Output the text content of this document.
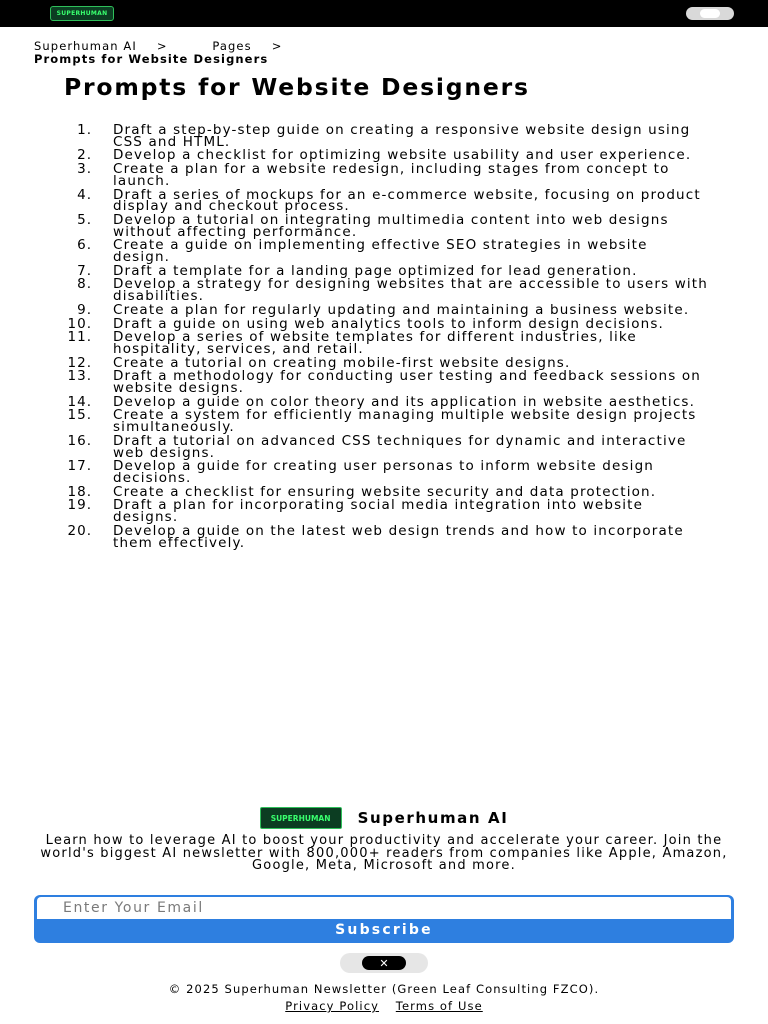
SUPERHUMAN
Superhuman AI >	Pages >
Prompts for Website Designers
Prompts for Website Designers
1. Draft a step-by-step guide on creating a responsive website design using CSS and HTML.
2. Develop a checklist for optimizing website usability and user experience.
3. Create a plan for a website redesign, including stages from concept to launch.
4. Draft a series of mockups for an e-commerce website, focusing on product display and checkout process.
5. Develop a tutorial on integrating multimedia content into web designs without affecting performance.
6. Create a guide on implementing effective SEO strategies in website design.
7. Draft a template for a landing page optimized for lead generation.
8. Develop a strategy for designing websites that are accessible to users with disabilities.
9. Create a plan for regularly updating and maintaining a business website.
10. Draft a guide on using web analytics tools to inform design decisions.
11. Develop a series of website templates for different industries, like hospitality, services, and retail.
12. Create a tutorial on creating mobile-first website designs.
13. Draft a methodology for conducting user testing and feedback sessions on website designs.
14. Develop a guide on color theory and its application in website aesthetics.
15. Create a system for efficiently managing multiple website design projects simultaneously.
16. Draft a tutorial on advanced CSS techniques for dynamic and interactive web designs.
17. Develop a guide for creating user personas to inform website design decisions.
18. Create a checklist for ensuring website security and data protection.
19. Draft a plan for incorporating social media integration into website designs.
20. Develop a guide on the latest web design trends and how to incorporate them effectively.
SUPERHUMAN	Superhuman AI

Learn how to leverage AI to boost your productivity and accelerate your career. Join the world's biggest AI newsletter with 800,000+ readers from companies like Apple, Amazon, Google, Meta, Microsoft and more.

Enter Your Email
Subscribe
✕
© 2025 Superhuman Newsletter (Green Leaf Consulting FZCO).
Privacy Policy Terms of Use
